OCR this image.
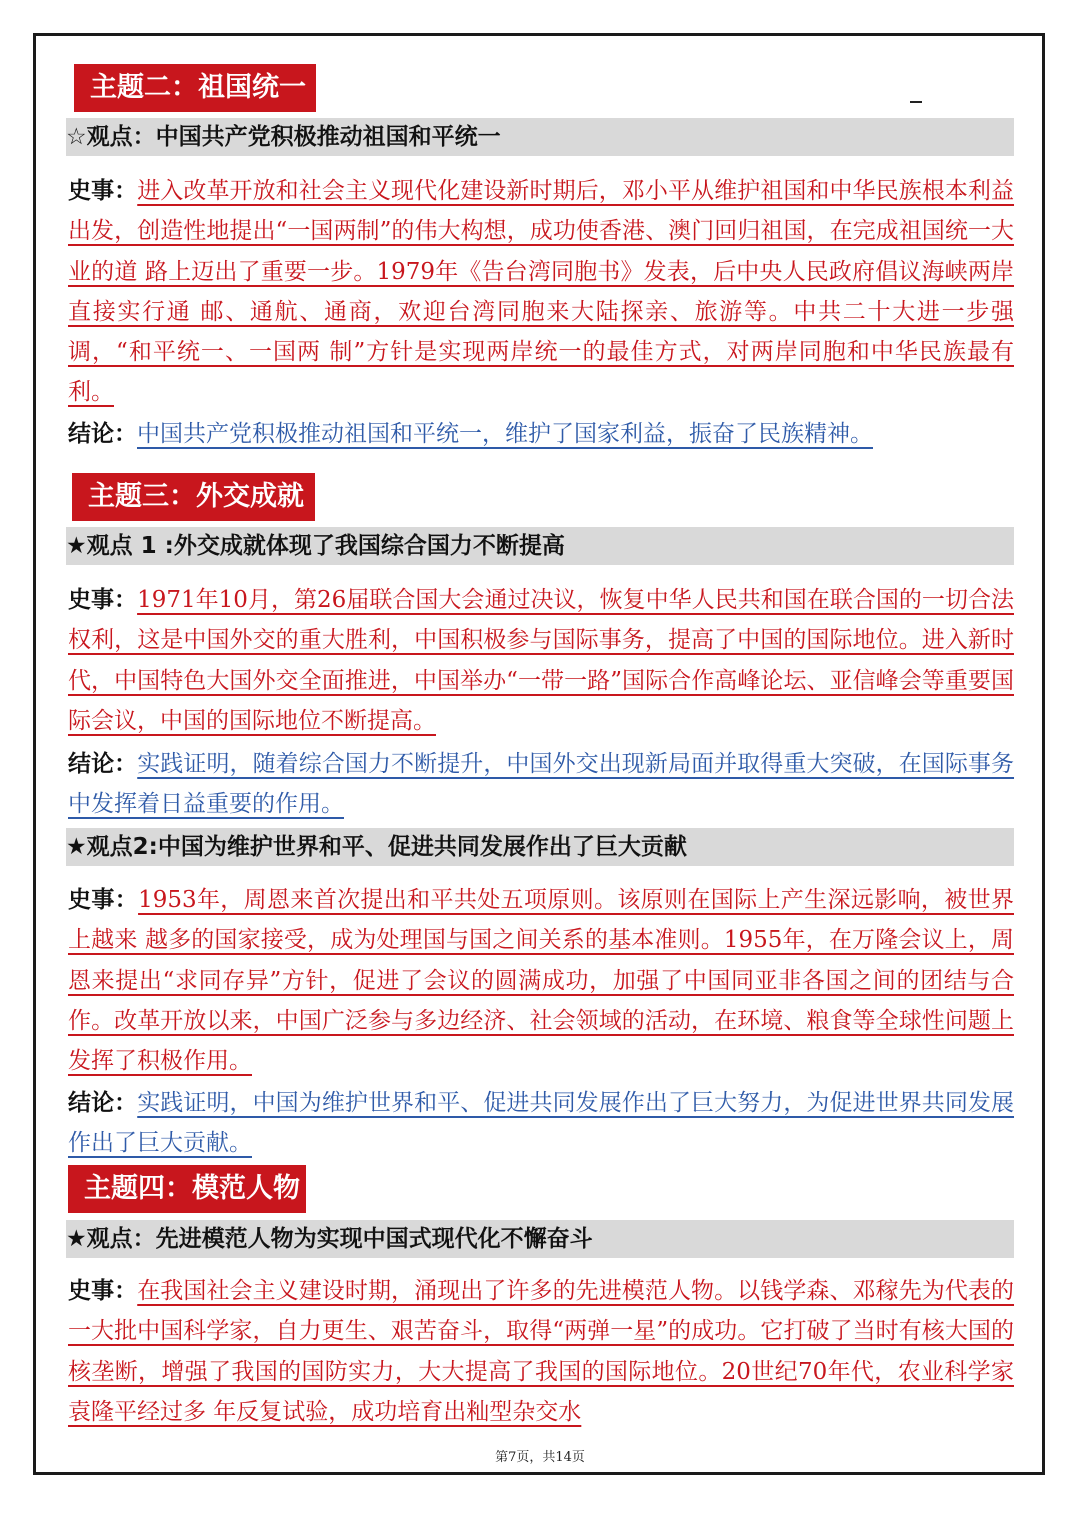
主题二：祖国统一
☆观点：中国共产党积极推动祖国和平统一

史事：进入改革开放和社会主义现代化建设新时期后，邓小平从维护祖国和中华民族根本利益出发，创造性地提出“一国两制”的伟大构想，成功使香港、澳门回归祖国，在完成祖国统一大业的道 路上迈出了重要一步。1979年《告台湾同胞书》发表，后中央人民政府倡议海峡两岸直接实行通 邮、通航、通商，欢迎台湾同胞来大陆探亲、旅游等。中共二十大进一步强调，“和平统一、一国两 制”方针是实现两岸统一的最佳方式，对两岸同胞和中华民族最有利。

结论：中国共产党积极推动祖国和平统一，维护了国家利益，振奋了民族精神。

主题三：外交成就
★观点 1 :外交成就体现了我国综合国力不断提高

史事：1971年10月，第26届联合国大会通过决议，恢复中华人民共和国在联合国的一切合法权利，这是中国外交的重大胜利，中国积极参与国际事务，提高了中国的国际地位。进入新时代，中国特色大国外交全面推进，中国举办“一带一路”国际合作高峰论坛、亚信峰会等重要国际会议，中国的国际地位不断提高。

结论：实践证明，随着综合国力不断提升，中国外交出现新局面并取得重大突破，在国际事务中发挥着日益重要的作用。

★观点2:中国为维护世界和平、促进共同发展作出了巨大贡献

史事：1953年，周恩来首次提出和平共处五项原则。该原则在国际上产生深远影响，被世界上越来 越多的国家接受，成为处理国与国之间关系的基本准则。1955年，在万隆会议上，周恩来提出“求同存异”方针，促进了会议的圆满成功，加强了中国同亚非各国之间的团结与合作。改革开放以来，中国广泛参与多边经济、社会领域的活动，在环境、粮食等全球性问题上发挥了积极作用。

结论：实践证明，中国为维护世界和平、促进共同发展作出了巨大努力，为促进世界共同发展作出了巨大贡献。

主题四：模范人物
★观点：先进模范人物为实现中国式现代化不懈奋斗

史事：在我国社会主义建设时期，涌现出了许多的先进模范人物。以钱学森、邓稼先为代表的一大批中国科学家，自力更生、艰苦奋斗，取得“两弹一星”的成功。它打破了当时有核大国的核垄断，增强了我国的国防实力，大大提高了我国的国际地位。20世纪70年代，农业科学家袁隆平经过多 年反复试验，成功培育出籼型杂交水

第7页，共14页
